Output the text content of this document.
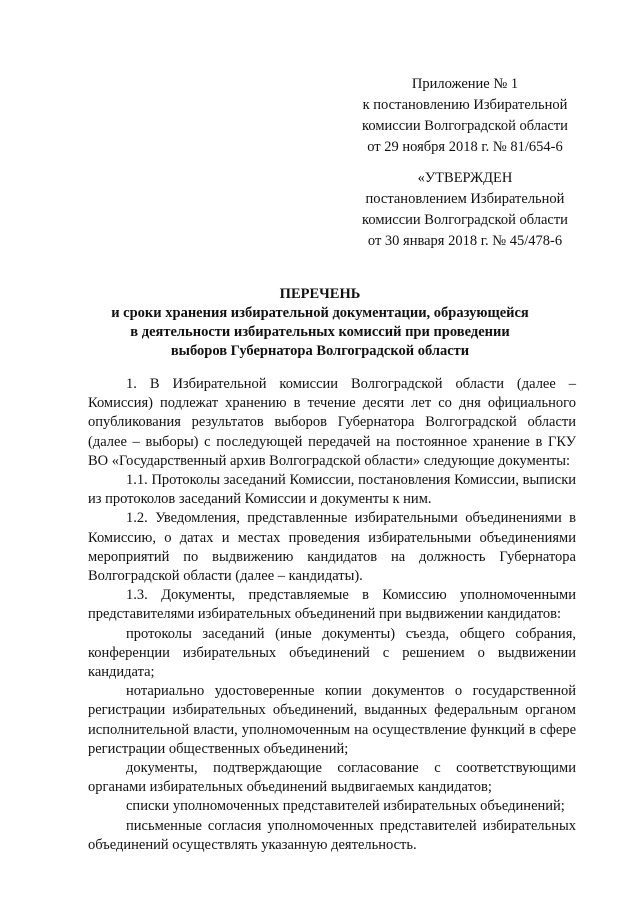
Приложение № 1
к постановлению Избирательной
комиссии Волгоградской области
от 29 ноября 2018 г. № 81/654-6
«УТВЕРЖДЕН
постановлением Избирательной
комиссии Волгоградской области
от 30 января 2018 г. № 45/478-6
ПЕРЕЧЕНЬ
и сроки хранения избирательной документации, образующейся
в деятельности избирательных комиссий при проведении
выборов Губернатора Волгоградской области

1. В Избирательной комиссии Волгоградской области (далее – Комиссия) подлежат хранению в течение десяти лет со дня официального опубликования результатов выборов Губернатора Волгоградской области (далее – выборы) с последующей передачей на постоянное хранение в ГКУ ВО «Государственный архив Волгоградской области» следующие документы:

1.1. Протоколы заседаний Комиссии, постановления Комиссии, выписки из протоколов заседаний Комиссии и документы к ним.

1.2. Уведомления, представленные избирательными объединениями в Комиссию, о датах и местах проведения избирательными объединениями мероприятий по выдвижению кандидатов на должность Губернатора Волгоградской области (далее – кандидаты).

1.3. Документы, представляемые в Комиссию уполномоченными представителями избирательных объединений при выдвижении кандидатов:

протоколы заседаний (иные документы) съезда, общего собрания, конференции избирательных объединений с решением о выдвижении кандидата;

нотариально удостоверенные копии документов о государственной регистрации избирательных объединений, выданных федеральным органом исполнительной власти, уполномоченным на осуществление функций в сфере регистрации общественных объединений;

документы, подтверждающие согласование с соответствующими органами избирательных объединений выдвигаемых кандидатов;

списки уполномоченных представителей избирательных объединений;

письменные согласия уполномоченных представителей избирательных объединений осуществлять указанную деятельность.
